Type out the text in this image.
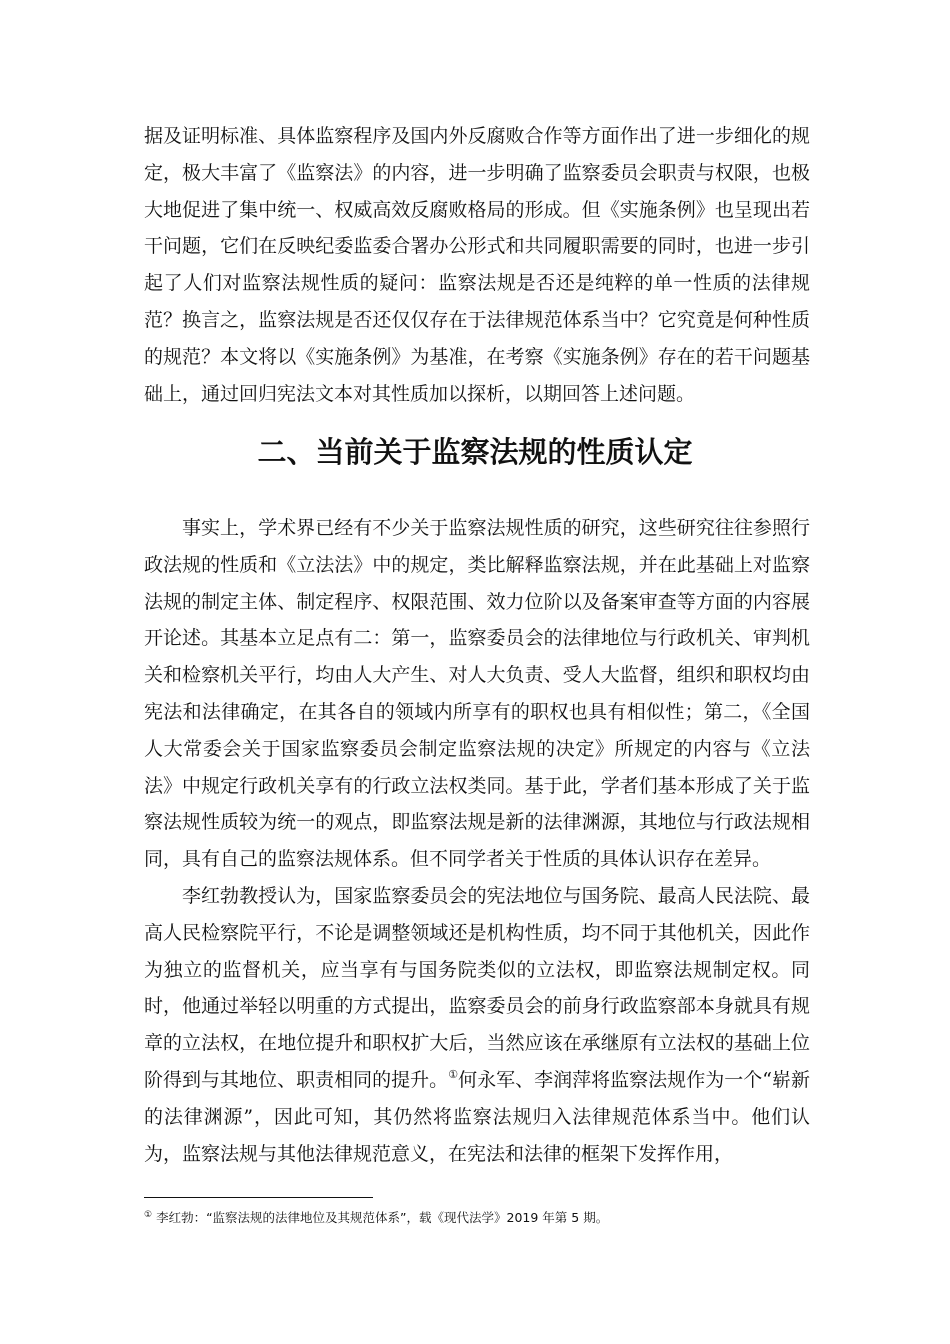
据及证明标准、具体监察程序及国内外反腐败合作等方面作出了进一步细化的规定，极大丰富了《监察法》的内容，进一步明确了监察委员会职责与权限，也极大地促进了集中统一、权威高效反腐败格局的形成。但《实施条例》也呈现出若干问题，它们在反映纪委监委合署办公形式和共同履职需要的同时，也进一步引起了人们对监察法规性质的疑问：监察法规是否还是纯粹的单一性质的法律规范？换言之，监察法规是否还仅仅存在于法律规范体系当中？它究竟是何种性质的规范？本文将以《实施条例》为基准，在考察《实施条例》存在的若干问题基础上，通过回归宪法文本对其性质加以探析，以期回答上述问题。

二、当前关于监察法规的性质认定

事实上，学术界已经有不少关于监察法规性质的研究，这些研究往往参照行政法规的性质和《立法法》中的规定，类比解释监察法规，并在此基础上对监察法规的制定主体、制定程序、权限范围、效力位阶以及备案审查等方面的内容展开论述。其基本立足点有二：第一，监察委员会的法律地位与行政机关、审判机关和检察机关平行，均由人大产生、对人大负责、受人大监督，组织和职权均由宪法和法律确定，在其各自的领域内所享有的职权也具有相似性；第二，《全国人大常委会关于国家监察委员会制定监察法规的决定》所规定的内容与《立法法》中规定行政机关享有的行政立法权类同。基于此，学者们基本形成了关于监察法规性质较为统一的观点，即监察法规是新的法律渊源，其地位与行政法规相同，具有自己的监察法规体系。但不同学者关于性质的具体认识存在差异。

李红勃教授认为，国家监察委员会的宪法地位与国务院、最高人民法院、最高人民检察院平行，不论是调整领域还是机构性质，均不同于其他机关，因此作为独立的监督机关，应当享有与国务院类似的立法权，即监察法规制定权。同时，他通过举轻以明重的方式提出，监察委员会的前身行政监察部本身就具有规章的立法权，在地位提升和职权扩大后，当然应该在承继原有立法权的基础上位阶得到与其地位、职责相同的提升。①何永军、李润萍将监察法规作为一个“崭新的法律渊源”，因此可知，其仍然将监察法规归入法律规范体系当中。他们认为，监察法规与其他法律规范意义，在宪法和法律的框架下发挥作用，

① 李红勃：“监察法规的法律地位及其规范体系”，载《现代法学》2019 年第 5 期。
